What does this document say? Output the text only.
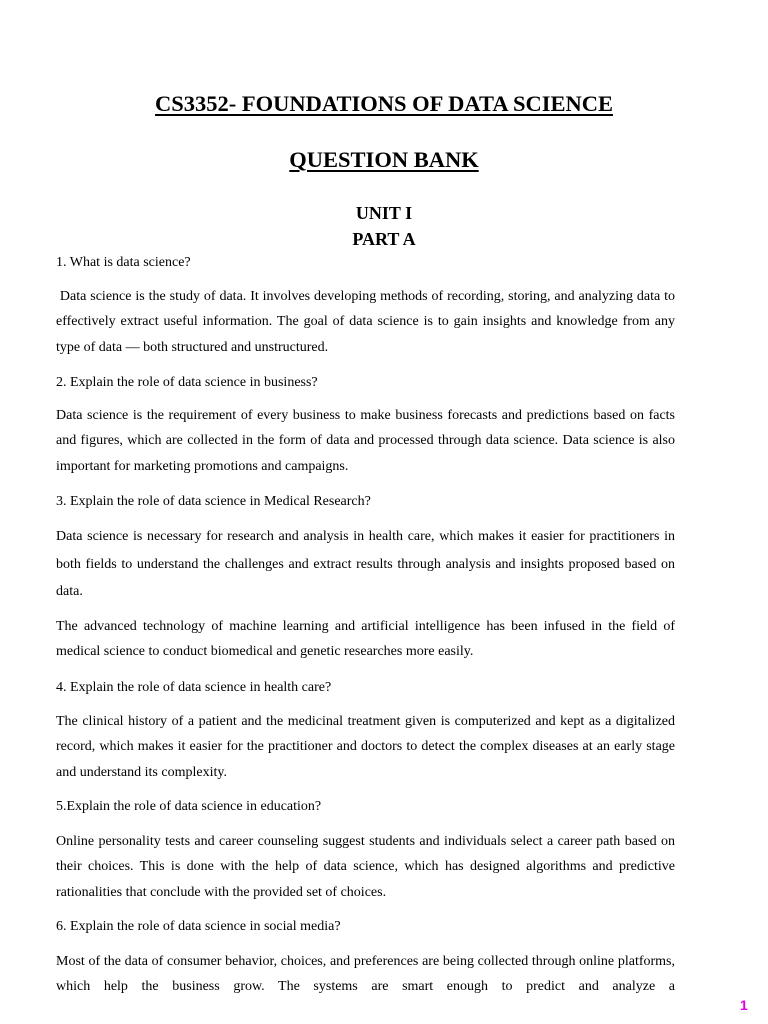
CS3352- FOUNDATIONS OF DATA SCIENCE
QUESTION BANK
UNIT I
PART A
1. What is data science?

Data science is the study of data. It involves developing methods of recording, storing, and analyzing data to effectively extract useful information. The goal of data science is to gain insights and knowledge from any type of data — both structured and unstructured.

2. Explain the role of data science in business?

Data science is the requirement of every business to make business forecasts and predictions based on facts and figures, which are collected in the form of data and processed through data science. Data science is also important for marketing promotions and campaigns.

3. Explain the role of data science in Medical Research?

Data science is necessary for research and analysis in health care, which makes it easier for practitioners in both fields to understand the challenges and extract results through analysis and insights proposed based on data.

The advanced technology of machine learning and artificial intelligence has been infused in the field of medical science to conduct biomedical and genetic researches more easily.

4. Explain the role of data science in health care?

The clinical history of a patient and the medicinal treatment given is computerized and kept as a digitalized record, which makes it easier for the practitioner and doctors to detect the complex diseases at an early stage and understand its complexity.

5.Explain the role of data science in education?

Online personality tests and career counseling suggest students and individuals select a career path based on their choices. This is done with the help of data science, which has designed algorithms and predictive rationalities that conclude with the provided set of choices.

6. Explain the role of data science in social media?

Most of the data of consumer behavior, choices, and preferences are being collected through online platforms, which help the business grow. The systems are smart enough to predict and analyze a

1
